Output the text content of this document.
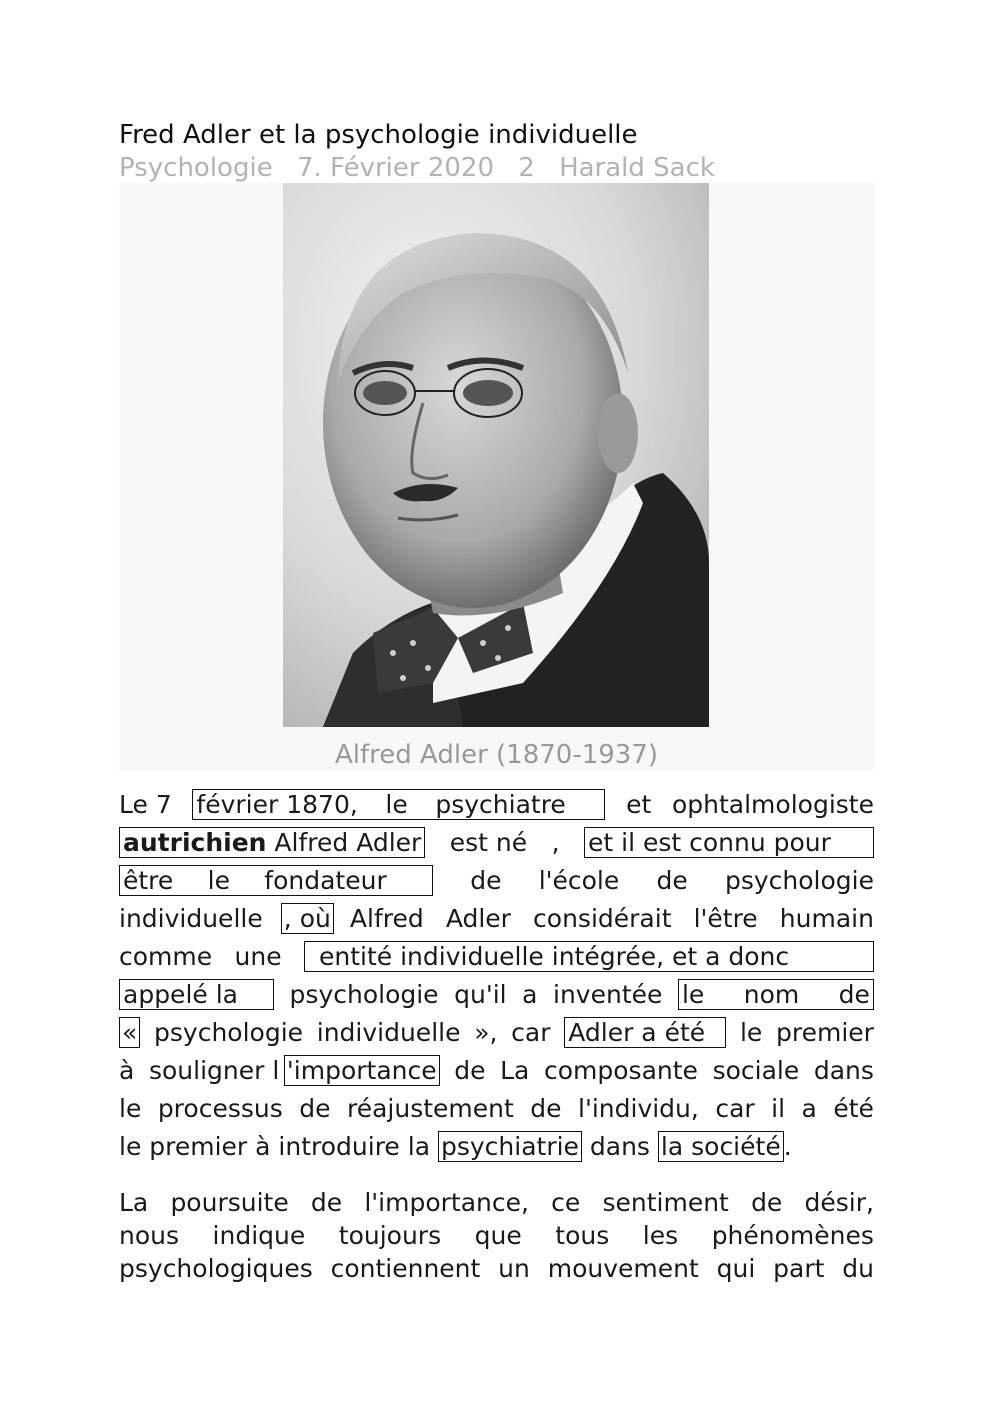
Fred Adler et la psychologie individuelle
Psychologie 7. Février 2020 2 Harald Sack
Alfred Adler (1870-1937)
Le 7 février 1870, le psychiatre
et ophtalmologiste
autrichien
Alfred Adler est né , et il est connu pour
être le fondateur
	de l'école de psychologie
individuelle , où Alfred Adler considérait l'être humain
comme une entité individuelle intégrée, et a donc
appelé la psychologie qu'il a inventée le nom de
« psychologie individuelle », car Adler a été le premier
à souligner l 'importance de La composante sociale dans
le processus de réajustement de l'individu, car il a été
le premier à introduire la
psychiatrie
dans
la société .
La poursuite de l'importance, ce sentiment de désir,
nous indique toujours que tous les phénomènes
psychologiques contiennent un mouvement qui part du
